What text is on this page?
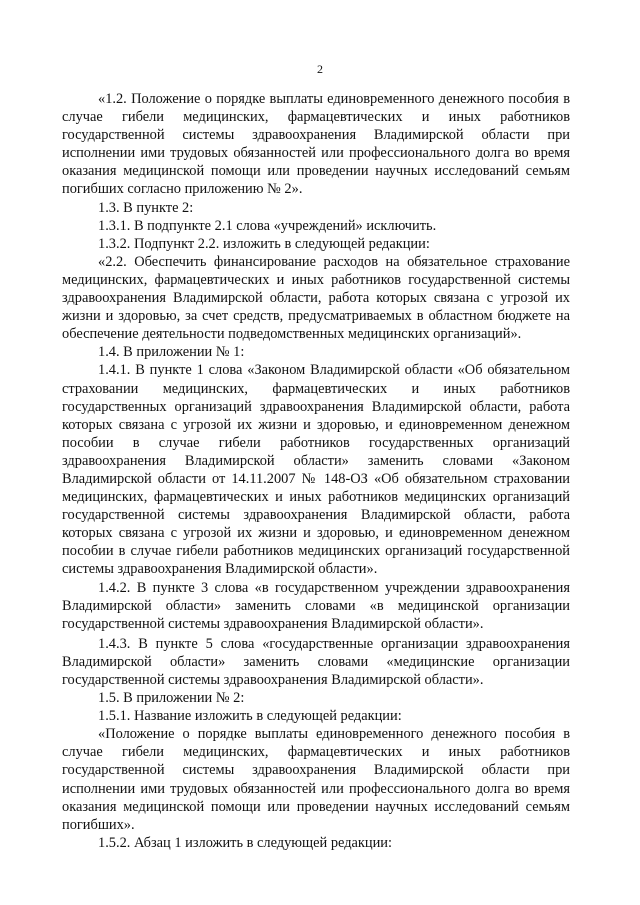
2

«1.2. Положение о порядке выплаты единовременного денежного пособия в случае гибели медицинских, фармацевтических и иных работников государственной системы здравоохранения Владимирской области при исполнении ими трудовых обязанностей или профессионального долга во время оказания медицинской помощи или проведении научных исследований семьям погибших согласно приложению № 2».

1.3. В пункте 2:

1.3.1. В подпункте 2.1 слова «учреждений» исключить.

1.3.2. Подпункт 2.2. изложить в следующей редакции:

«2.2. Обеспечить финансирование расходов на обязательное страхование медицинских, фармацевтических и иных работников государственной системы здравоохранения Владимирской области, работа которых связана с угрозой их жизни и здоровью, за счет средств, предусматриваемых в областном бюджете на обеспечение деятельности подведомственных медицинских организаций».

1.4. В приложении № 1:

1.4.1. В пункте 1 слова «Законом Владимирской области «Об обязательном страховании медицинских, фармацевтических и иных работников государственных организаций здравоохранения Владимирской области, работа которых связана с угрозой их жизни и здоровью, и единовременном денежном пособии в случае гибели работников государственных организаций здравоохранения Владимирской области» заменить словами «Законом Владимирской области от 14.11.2007 № 148-ОЗ «Об обязательном страховании медицинских, фармацевтических и иных работников медицинских организаций государственной системы здравоохранения Владимирской области, работа которых связана с угрозой их жизни и здоровью, и единовременном денежном пособии в случае гибели работников медицинских организаций государственной системы здравоохранения Владимирской области».

1.4.2. В пункте 3 слова «в государственном учреждении здравоохранения Владимирской области» заменить словами «в медицинской организации государственной системы здравоохранения Владимирской области».

1.4.3. В пункте 5 слова «государственные организации здравоохранения Владимирской области» заменить словами «медицинские организации государственной системы здравоохранения Владимирской области».

1.5. В приложении № 2:

1.5.1. Название изложить в следующей редакции:

«Положение о порядке выплаты единовременного денежного пособия в случае гибели медицинских, фармацевтических и иных работников государственной системы здравоохранения Владимирской области при исполнении ими трудовых обязанностей или профессионального долга во время оказания медицинской помощи или проведении научных исследований семьям погибших».

1.5.2. Абзац 1 изложить в следующей редакции:
